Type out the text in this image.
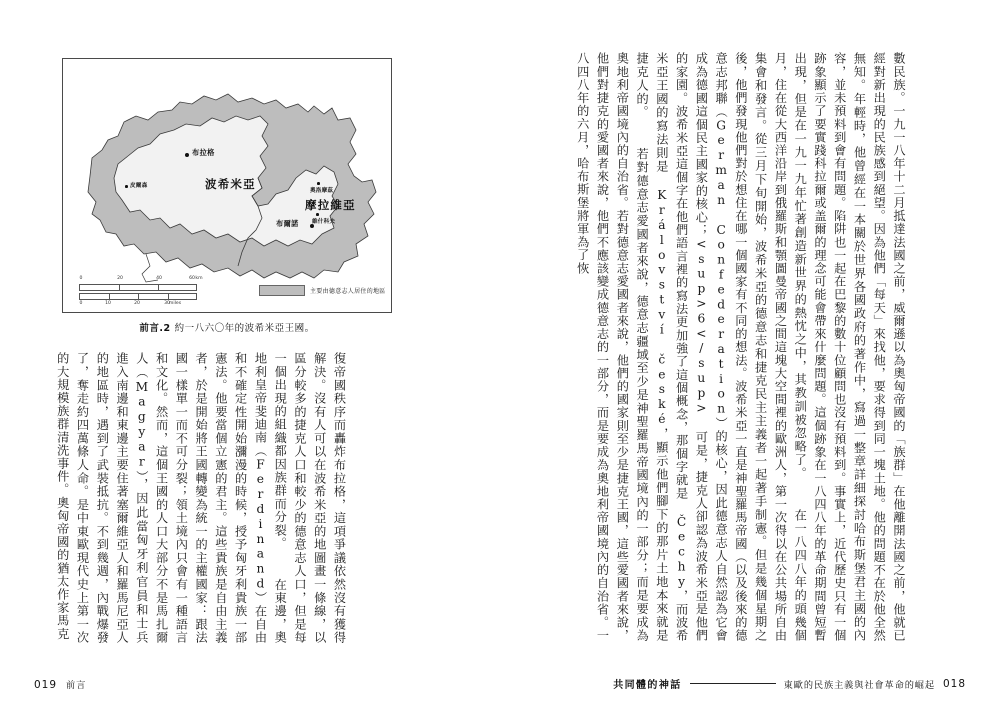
波希米亞
摩拉維亞
布拉格
皮爾森
布爾諾
奧洛摩茲
維什科夫
0	20	40	60 km
0	10	20	30
miles
主要由德意志人居住的地區
前言.2 約一八六〇年的波希米亞王國。	數民族。一九一八年十二月抵達法國之前，威爾遜以為奧匈帝國的「族群」在他離開法國之前，他就已經對新出現的民族感到絕望。因為他們「每天」來找他，要求得到同一塊土地。他的問題不在於他全然無知。年輕時，他曾經在一本關於世界各國政府的著作中，寫過一整章詳細探討哈布斯堡君主國的內容，並未預料到會有問題。陷阱也一起在巴黎的數十位顧問也沒有預料到。事實上，近代歷史只有一個跡象顯示了要實踐科拉爾或盖爾的理念可能會帶來什麼問題。這個跡象在一八四八年的革命期間曾短暫出現，但是在一九一九年忙著創造新世界的熱忱之中，其教訓被忽略了。 　在一八四八年的頭幾個月，住在從大西洋沿岸到俄羅斯和顎圖曼帝國之間這塊大空間裡的歐洲人，第一次得以在公共場所自由集會和發言。從三月下旬開始，波希米亞的德意志和捷克民主主義者一起著手制憲。但是幾個星期之後，他們發現他們對於想住在哪一個國家有不同的想法。波希米亞一直是神聖羅馬帝國（以及後來的德意志邦聯（German Confederation）的核心，因此德意志人自然認為它會成為德國這個民主國家的核心；<sup>6</sup> 可是，捷克人卻認為波希米亞是他們的家園。波希米亞這個字在他們語言裡的寫法更加強了這個概念，那個字就是 Čechy，而波希米亞王國的寫法則是 Království české，顯示他們腳下的那片土地本來就是捷克人的。 　若對德意志愛國者來說，德意志疆域至少是神聖羅馬帝國境內的一部分；而是要成為奧地利帝國境內的自治省。若對德意志愛國者來說，他們的國家則至少是捷克王國，這些愛國者來說，他們對捷克的愛國者來說，他們不應該變成德意志的一部分，而是要成為奧地利帝國境內的自治省。一八四八年的六月，哈布斯堡將軍為了恢
復帝國秩序而轟炸布拉格，這項爭議依然沒有獲得解決。沒有人可以在波希米亞的地圖畫一條線，以區分較多的捷克人口和較少的德意志人口，但是每一個出現的組織都因族群而分裂。 　在東邊，奧地利皇帝斐迪南（Ferdinand）在自由和不確定性開始瀰漫的時候，授予匈牙利貴族一部憲法。他要當個立憲的君主。這些貴族是自由主義者，於是開始將王國轉變為統一的主權國家：跟法國一樣單一而不可分裂；領土境內只會有一種語言和文化。然而，這個王國的人口大部分不是馬扎爾人（Magyar），因此當匈牙利官員和士兵進入南邊和東邊主要住著塞爾維亞人和羅馬尼亞人的地區時，遇到了武裝抵抗。不到幾週，內戰爆發了，奪走約四萬條人命。是中東歐現代史上第一次的大規模族群清洗事件。奧匈帝國的猶太作家馬克
019 前言	共同體的神話	東歐的民族主義與社會革命的崛起 018
